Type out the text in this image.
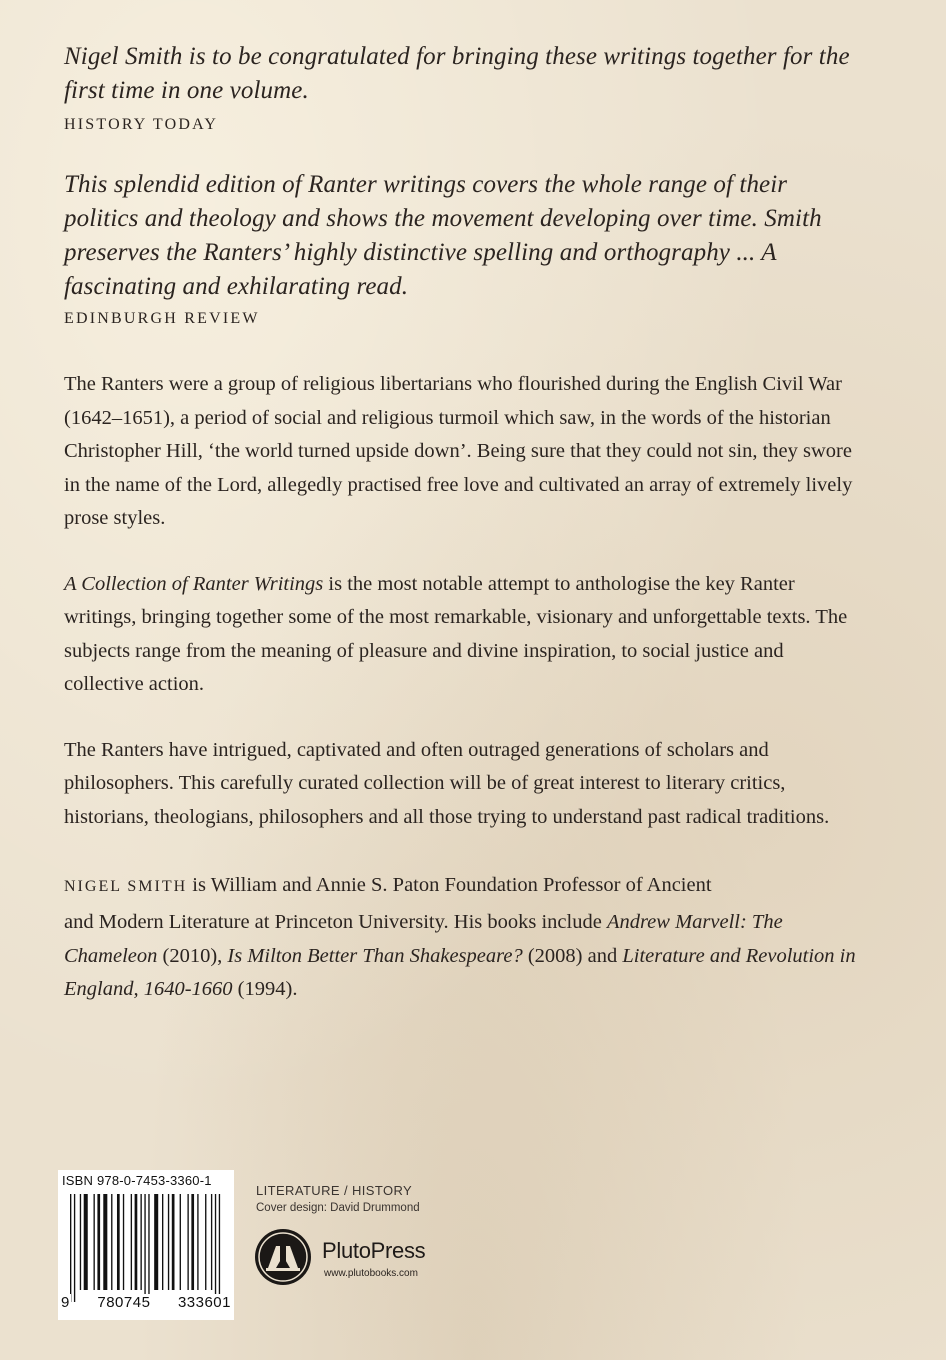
Nigel Smith is to be congratulated for bringing these writings together for the first time in one volume.

HISTORY TODAY

This splendid edition of Ranter writings covers the whole range of their politics and theology and shows the movement developing over time. Smith preserves the Ranters’ highly distinctive spelling and orthography ... A fascinating and exhilarating read.

EDINBURGH REVIEW

The Ranters were a group of religious libertarians who flourished during the English Civil War (1642–1651), a period of social and religious turmoil which saw, in the words of the historian Christopher Hill, ‘the world turned upside down’. Being sure that they could not sin, they swore in the name of the Lord, allegedly practised free love and cultivated an array of extremely lively prose styles.

A Collection of Ranter Writings is the most notable attempt to anthologise the key Ranter writings, bringing together some of the most remarkable, visionary and unforgettable texts. The subjects range from the meaning of pleasure and divine inspiration, to social justice and collective action.

The Ranters have intrigued, captivated and often outraged generations of scholars and philosophers. This carefully curated collection will be of great interest to literary critics, historians, theologians, philosophers and all those trying to understand past radical traditions.

NIGEL SMITH is William and Annie S. Paton Foundation Professor of Ancient
and Modern Literature at Princeton University. His books include Andrew Marvell: The Chameleon (2010), Is Milton Better Than Shakespeare? (2008) and Literature and Revolution in England, 1640-1660 (1994).

ISBN 978-0-7453-3360-1
9 780745 333601

LITERATURE / HISTORY

Cover design: David Drummond

PlutoPress
www.plutobooks.com
